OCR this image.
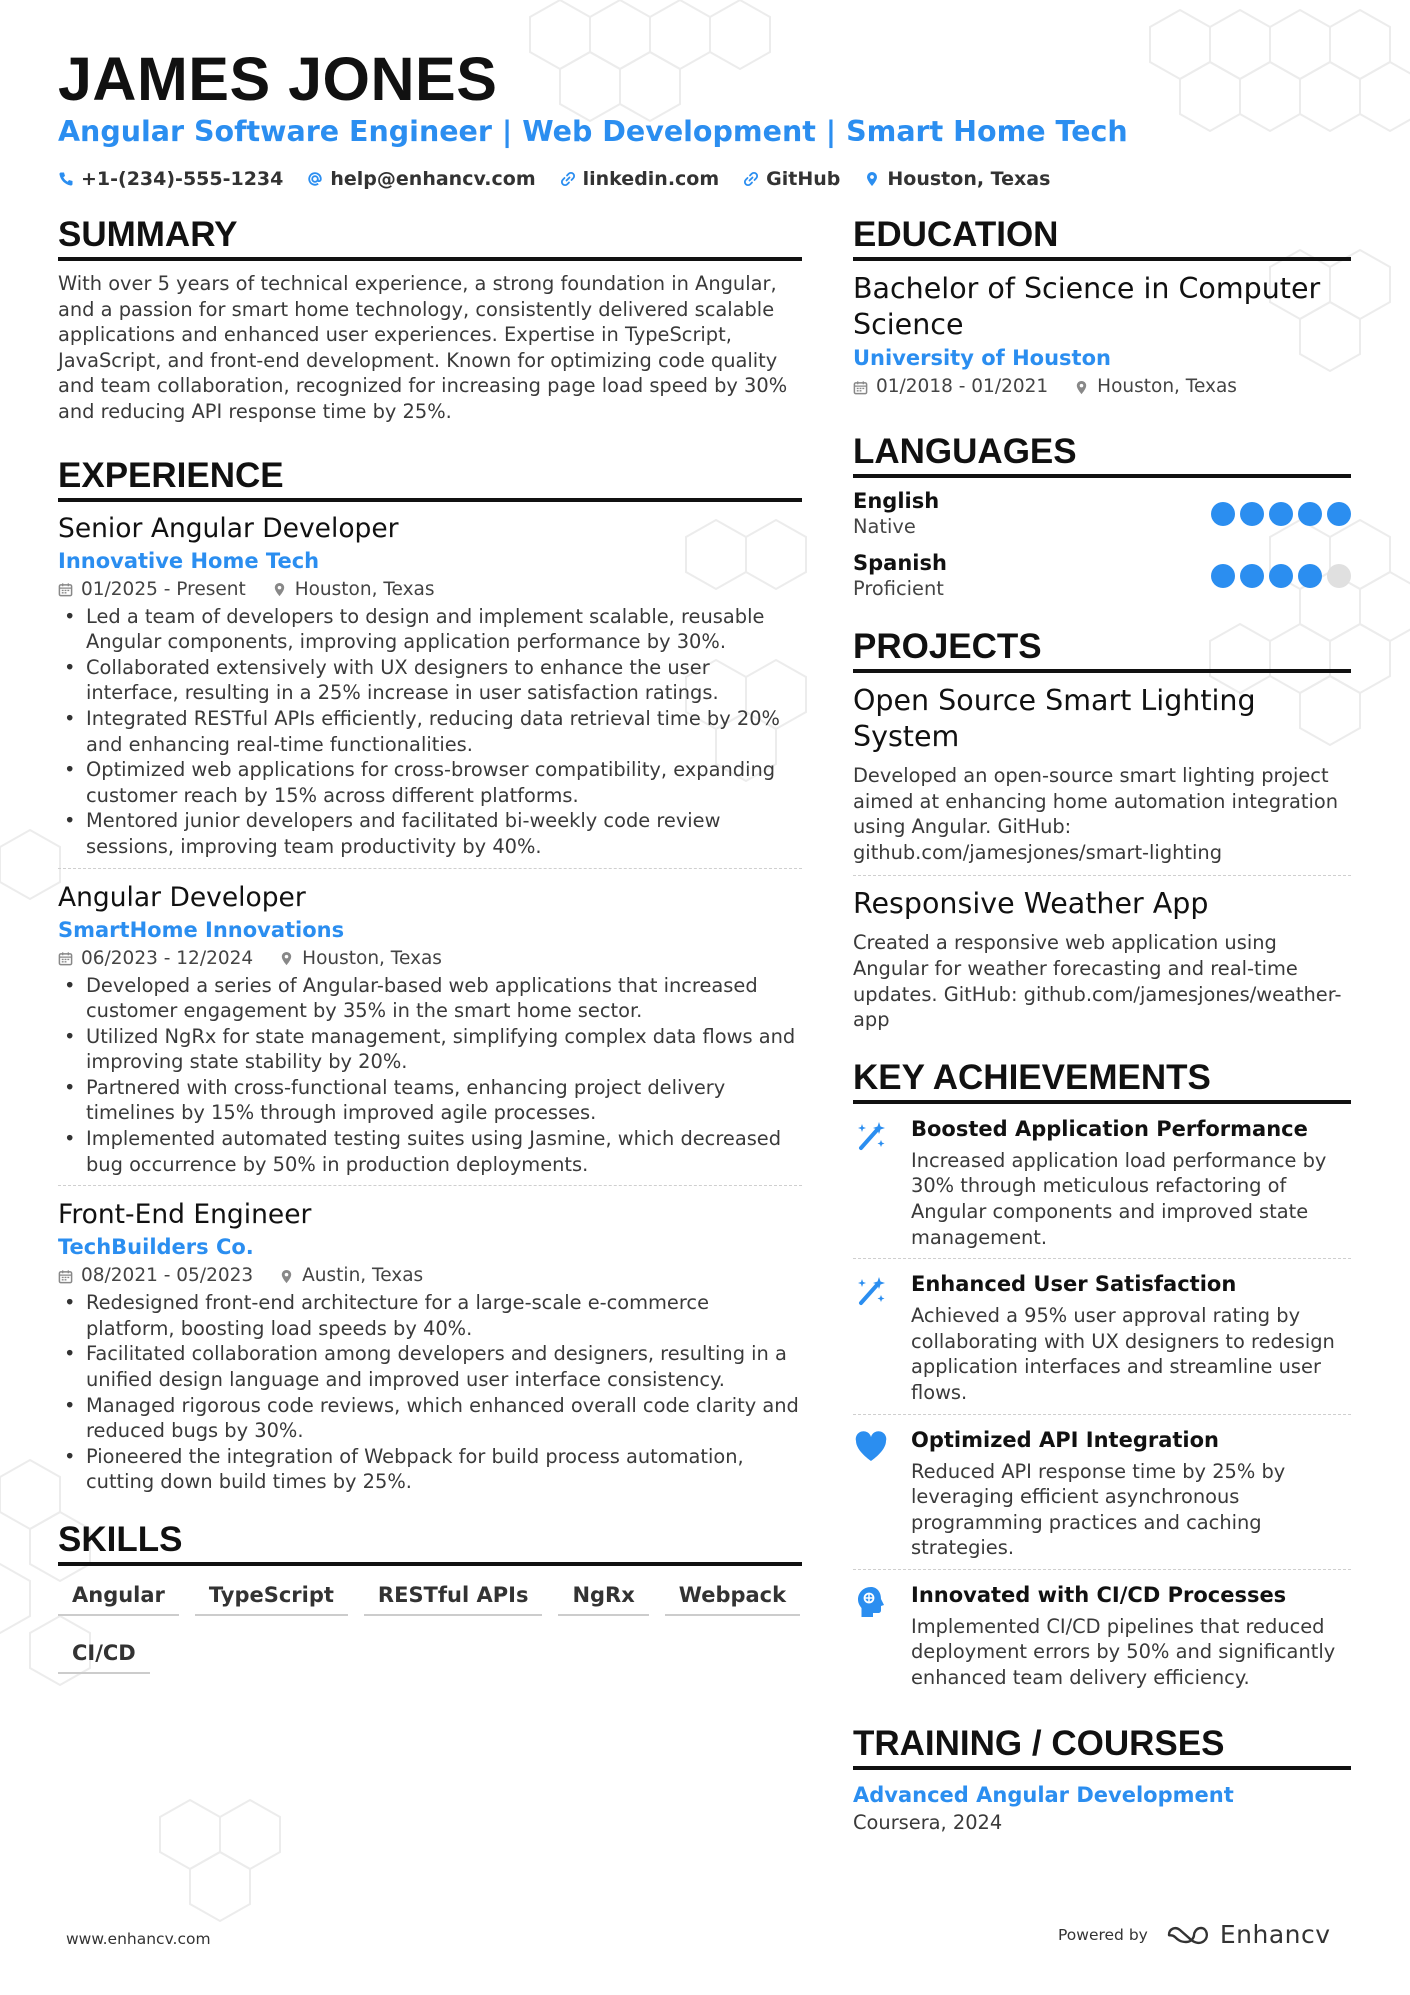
JAMES JONES
Angular Software Engineer | Web Development | Smart Home Tech
+1-(234)-555-1234 help@enhancv.com linkedin.com GitHub Houston, Texas
SUMMARY
With over 5 years of technical experience, a strong foundation in Angular, and a passion for smart home technology, consistently delivered scalable applications and enhanced user experiences. Expertise in TypeScript, JavaScript, and front-end development. Known for optimizing code quality and team collaboration, recognized for increasing page load speed by 30% and reducing API response time by 25%.
EXPERIENCE
Senior Angular Developer
Innovative Home Tech
01/2025 - Present	Houston, Texas
• Led a team of developers to design and implement scalable, reusable Angular components, improving application performance by 30%.
• Collaborated extensively with UX designers to enhance the user interface, resulting in a 25% increase in user satisfaction ratings.
• Integrated RESTful APIs efficiently, reducing data retrieval time by 20% and enhancing real-time functionalities.
• Optimized web applications for cross-browser compatibility, expanding customer reach by 15% across different platforms.
• Mentored junior developers and facilitated bi-weekly code review sessions, improving team productivity by 40%.
Angular Developer
SmartHome Innovations
06/2023 - 12/2024	Houston, Texas
• Developed a series of Angular-based web applications that increased customer engagement by 35% in the smart home sector.
• Utilized NgRx for state management, simplifying complex data flows and improving state stability by 20%.
• Partnered with cross-functional teams, enhancing project delivery timelines by 15% through improved agile processes.
• Implemented automated testing suites using Jasmine, which decreased bug occurrence by 50% in production deployments.
Front-End Engineer
TechBuilders Co.
08/2021 - 05/2023	Austin, Texas
• Redesigned front-end architecture for a large-scale e-commerce platform, boosting load speeds by 40%.
• Facilitated collaboration among developers and designers, resulting in a unified design language and improved user interface consistency.
• Managed rigorous code reviews, which enhanced overall code clarity and reduced bugs by 30%.
• Pioneered the integration of Webpack for build process automation, cutting down build times by 25%.
SKILLS
Angular	TypeScript	RESTful APIs	NgRx	Webpack
CI/CD
EDUCATION
Bachelor of Science in Computer Science
University of Houston
01/2018 - 01/2021	Houston, Texas
LANGUAGES
English
Native
Spanish
Proficient
PROJECTS
Open Source Smart Lighting System
Developed an open-source smart lighting project aimed at enhancing home automation integration using Angular. GitHub: github.com/jamesjones/smart-lighting
Responsive Weather App
Created a responsive web application using Angular for weather forecasting and real-time updates. GitHub: github.com/jamesjones/weather-app
KEY ACHIEVEMENTS
Boosted Application Performance
Increased application load performance by 30% through meticulous refactoring of Angular components and improved state management.
Enhanced User Satisfaction
Achieved a 95% user approval rating by collaborating with UX designers to redesign application interfaces and streamline user flows.
Optimized API Integration
Reduced API response time by 25% by leveraging efficient asynchronous programming practices and caching strategies.
Innovated with CI/CD Processes
Implemented CI/CD pipelines that reduced deployment errors by 50% and significantly enhanced team delivery efficiency.
TRAINING / COURSES
Advanced Angular Development
Coursera, 2024
www.enhancv.com	Powered by	Enhancv
